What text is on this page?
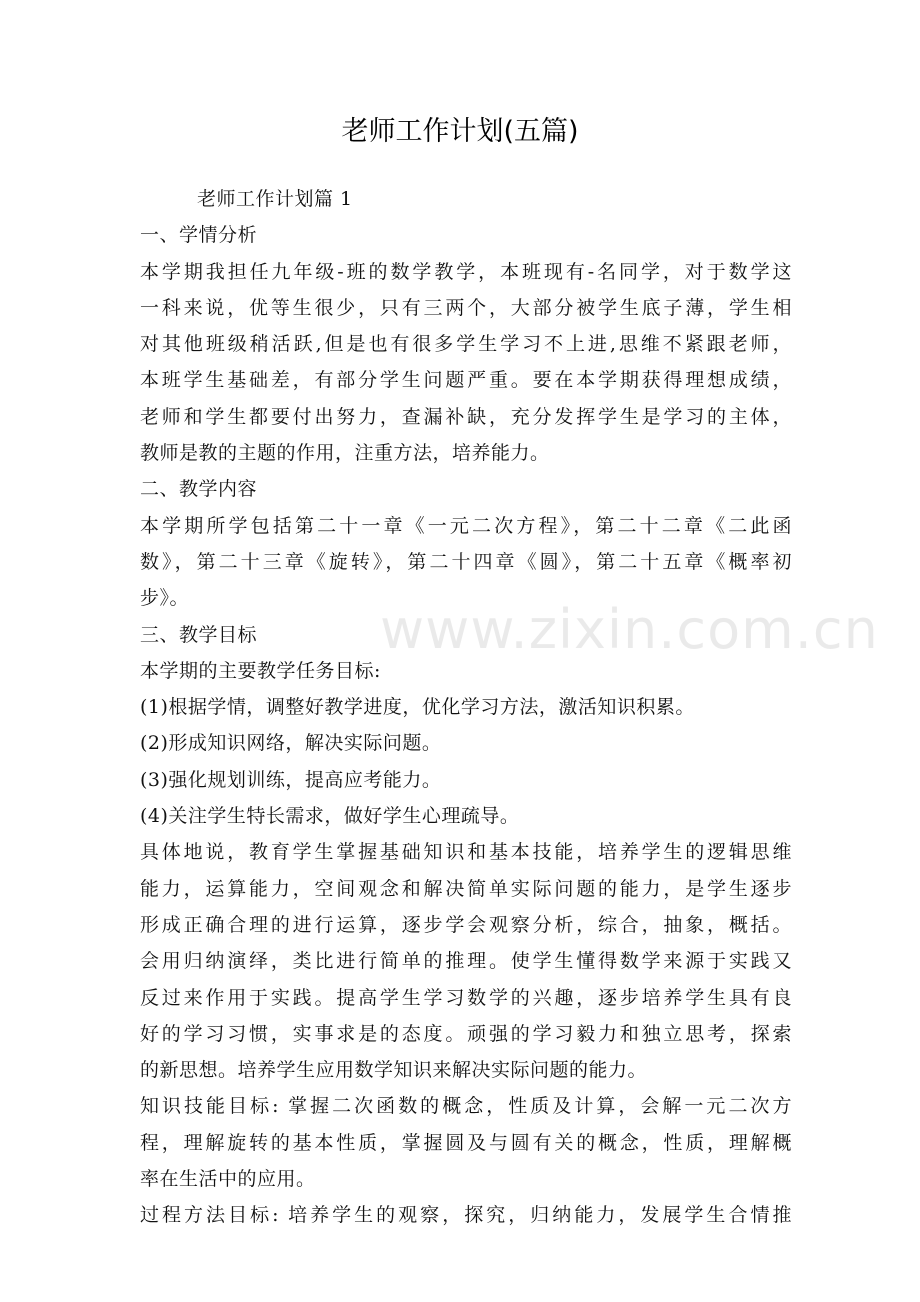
www.zixin.com.cn
老师工作计划(五篇)

老师工作计划篇 1

一、学情分析

本学期我担任九年级-班的数学教学，本班现有-名同学，对于数学这

一科来说，优等生很少，只有三两个，大部分被学生底子薄，学生相

对其他班级稍活跃,但是也有很多学生学习不上进,思维不紧跟老师，

本班学生基础差，有部分学生问题严重。要在本学期获得理想成绩，

老师和学生都要付出努力，查漏补缺，充分发挥学生是学习的主体，

教师是教的主题的作用，注重方法，培养能力。

二、教学内容

本学期所学包括第二十一章《一元二次方程》，第二十二章《二此函

数》，第二十三章《旋转》，第二十四章《圆》，第二十五章《概率初

步》。

三、教学目标

本学期的主要教学任务目标:

(1)根据学情，调整好教学进度，优化学习方法，激活知识积累。

(2)形成知识网络，解决实际问题。

(3)强化规划训练，提高应考能力。

(4)关注学生特长需求，做好学生心理疏导。

具体地说，教育学生掌握基础知识和基本技能，培养学生的逻辑思维

能力，运算能力，空间观念和解决简单实际问题的能力，是学生逐步

形成正确合理的进行运算，逐步学会观察分析，综合，抽象，概括。

会用归纳演绎，类比进行简单的推理。使学生懂得数学来源于实践又

反过来作用于实践。提高学生学习数学的兴趣，逐步培养学生具有良

好的学习习惯，实事求是的态度。顽强的学习毅力和独立思考，探索

的新思想。培养学生应用数学知识来解决实际问题的能力。

知识技能目标: 掌握二次函数的概念，性质及计算，会解一元二次方

程，理解旋转的基本性质，掌握圆及与圆有关的概念，性质，理解概

率在生活中的应用。

过程方法目标: 培养学生的观察，探究，归纳能力，发展学生合情推
